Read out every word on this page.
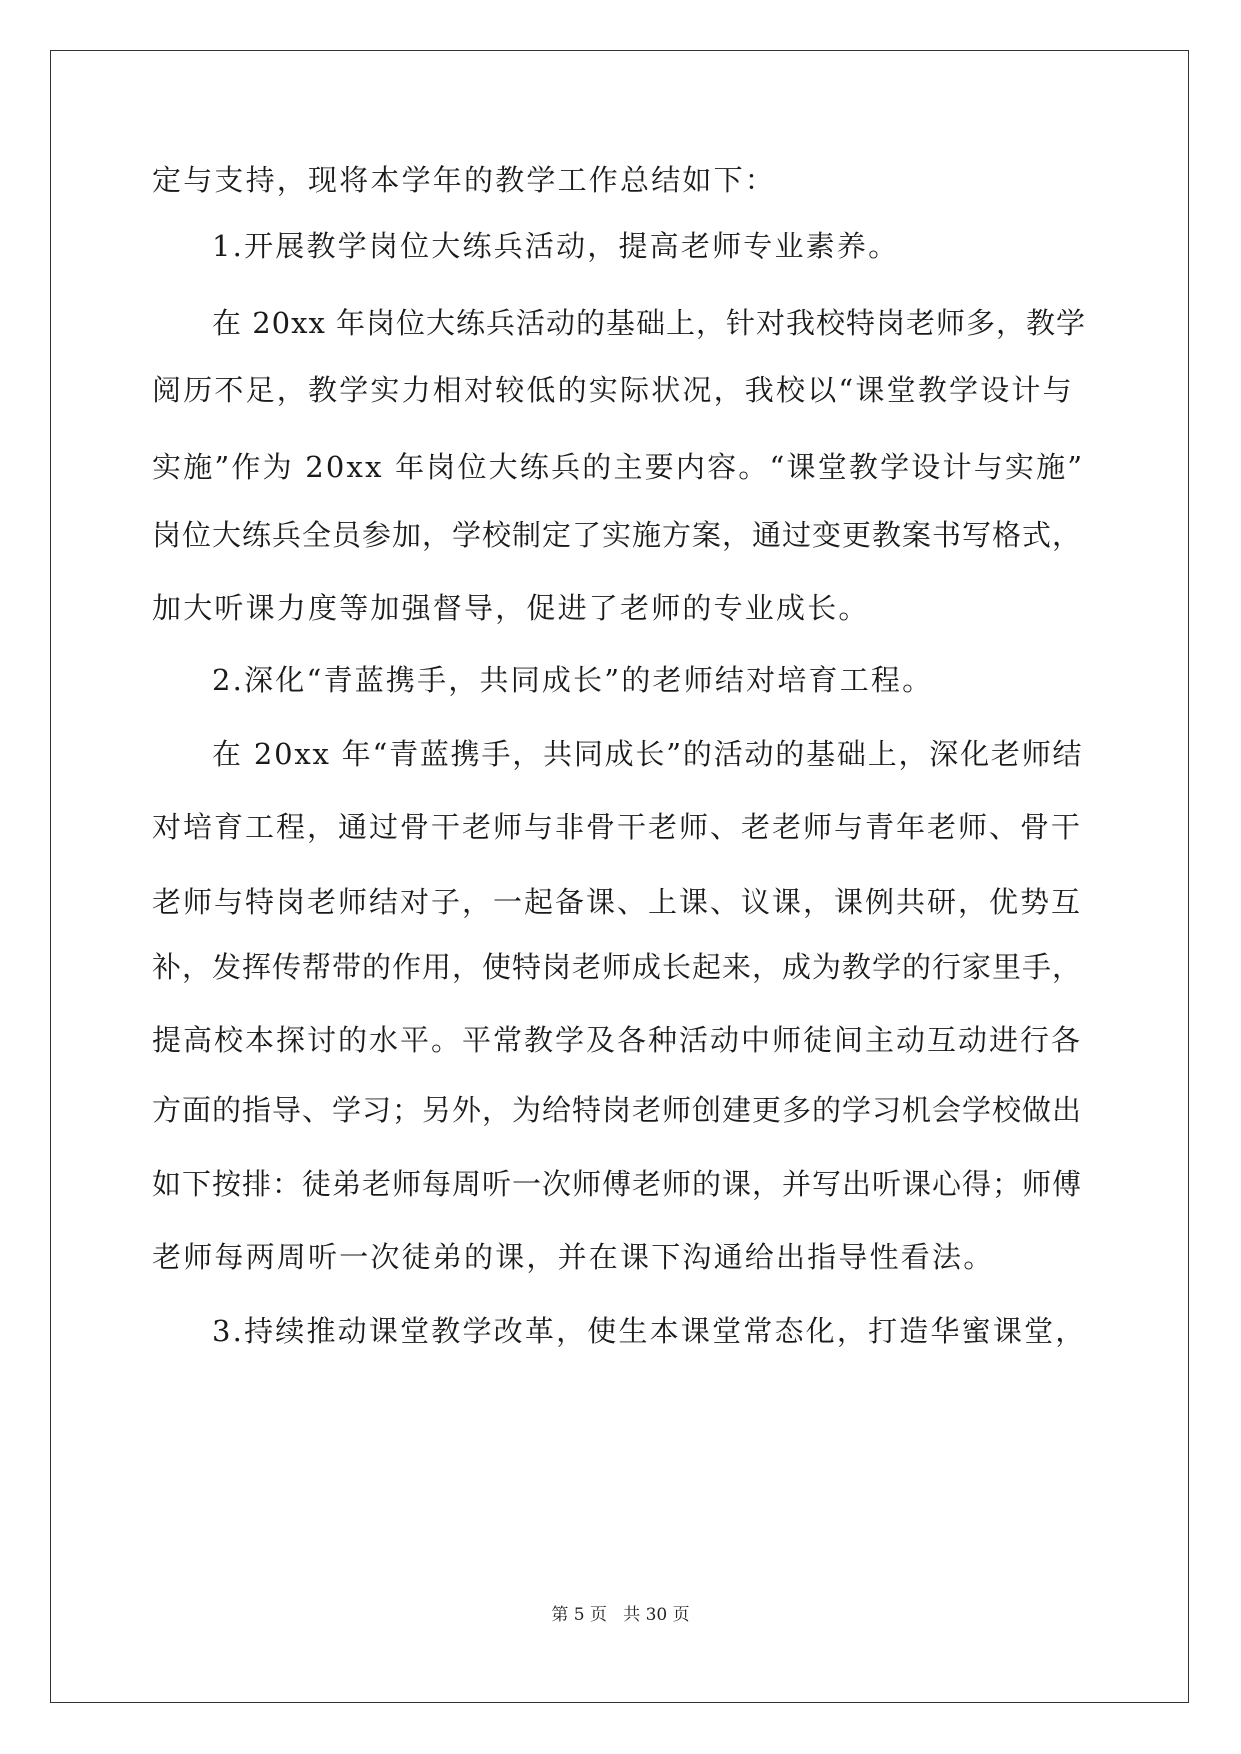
定与支持，现将本学年的教学工作总结如下：
1.开展教学岗位大练兵活动，提高老师专业素养。
在 20xx 年岗位大练兵活动的基础上，针对我校特岗老师多，教学
阅历不足，教学实力相对较低的实际状况，我校以“课堂教学设计与
实施”作为 20xx 年岗位大练兵的主要内容。“课堂教学设计与实施”
岗位大练兵全员参加，学校制定了实施方案，通过变更教案书写格式，
加大听课力度等加强督导，促进了老师的专业成长。
2.深化“青蓝携手，共同成长”的老师结对培育工程。
在 20xx 年“青蓝携手，共同成长”的活动的基础上，深化老师结
对培育工程，通过骨干老师与非骨干老师、老老师与青年老师、骨干
老师与特岗老师结对子，一起备课、上课、议课，课例共研，优势互
补，发挥传帮带的作用，使特岗老师成长起来，成为教学的行家里手，
提高校本探讨的水平。平常教学及各种活动中师徒间主动互动进行各
方面的指导、学习；另外，为给特岗老师创建更多的学习机会学校做出
如下按排：徒弟老师每周听一次师傅老师的课，并写出听课心得；师傅
老师每两周听一次徒弟的课，并在课下沟通给出指导性看法。
3.持续推动课堂教学改革，使生本课堂常态化，打造华蜜课堂，
第 5 页   共 30 页
